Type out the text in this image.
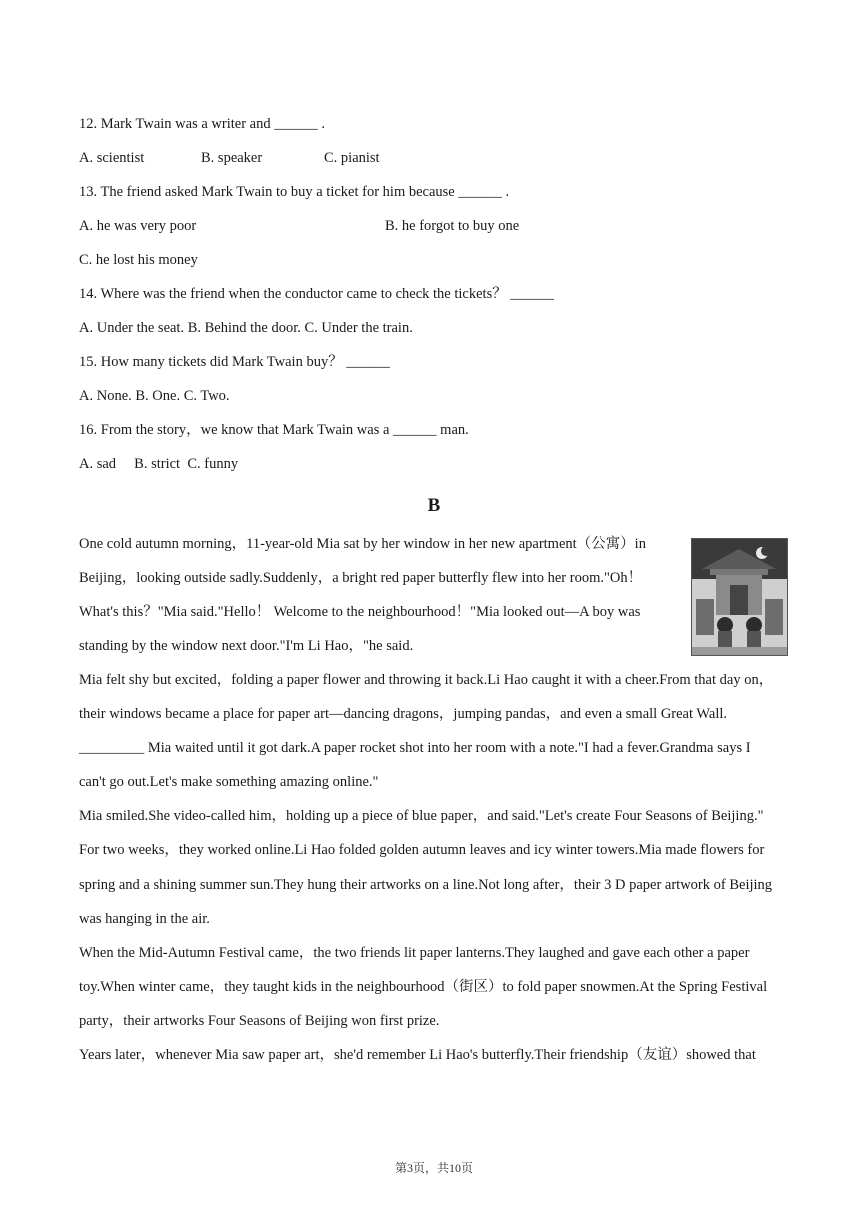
12. Mark Twain was a writer and ______ .
A. scientist	B. speaker	C. pianist
13. The friend asked Mark Twain to buy a ticket for him because ______ .
A. he was very poor	B. he forgot to buy one
C. he lost his money
14. Where was the friend when the conductor came to check the tickets？ ______
A. Under the seat. B. Behind the door. C. Under the train.
15. How many tickets did Mark Twain buy？ ______
A. None. B. One. C. Two.
16. From the story，we know that Mark Twain was a ______ man.
A. sad     B. strict  C. funny
B
One cold autumn morning，11-year-old Mia sat by her window in her new apartment（公寓）in
Beijing，looking outside sadly.Suddenly，a bright red paper butterfly flew into her room."Oh！
What's this？"Mia said."Hello！ Welcome to the neighbourhood！"Mia looked out—A boy was
standing by the window next door."I'm Li Hao，"he said.
Mia felt shy but excited，folding a paper flower and throwing it back.Li Hao caught it with a cheer.From that day on，
their windows became a place for paper art—dancing dragons，jumping pandas，and even a small Great Wall.
_________ Mia waited until it got dark.A paper rocket shot into her room with a note."I had a fever.Grandma says I
can't go out.Let's make something amazing online."
Mia smiled.She video-called him，holding up a piece of blue paper，and said."Let's create Four Seasons of Beijing."
For two weeks，they worked online.Li Hao folded golden autumn leaves and icy winter towers.Mia made flowers for
spring and a shining summer sun.They hung their artworks on a line.Not long after，their 3 D paper artwork of Beijing
was hanging in the air.
When the Mid-Autumn Festival came，the two friends lit paper lanterns.They laughed and gave each other a paper
toy.When winter came，they taught kids in the neighbourhood（街区）to fold paper snowmen.At the Spring Festival
party，their artworks Four Seasons of Beijing won first prize.
Years later，whenever Mia saw paper art，she'd remember Li Hao's butterfly.Their friendship（友谊）showed that
第3页，共10页
